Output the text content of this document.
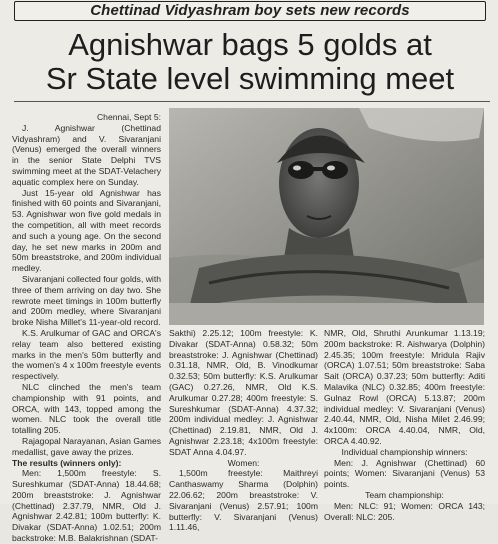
Chettinad Vidyashram boy sets new records
Agnishwar bags 5 golds at
Sr State level swimming meet

Chennai, Sept 5:

J. Agnishwar (Chettinad Vidyashram) and V. Sivaranjani (Venus) emerged the overall winners in the senior State Delphi TVS swimming meet at the SDAT-Velachery aquatic complex here on Sunday.

Just 15-year old Agnishwar has finished with 60 points and Sivaranjani, 53. Agnishwar won five gold medals in the competition, all with meet records and such a young age. On the second day, he set new marks in 200m and 50m breaststroke, and 200m individual medley.

Sivaranjani collected four golds, with three of them arriving on day two. She rewrote meet timings in 100m butterfly and 200m medley, where Sivaranjani broke Nisha Millet's 11-year-old record.

K.S. Arulkumar of GAC and ORCA's relay team also bettered existing marks in the men's 50m butterfly and the women's 4 x 100m freestyle events respectively.

NLC clinched the men's team championship with 91 points, and ORCA, with 143, topped among the women. NLC took the overall title totalling 205.

Rajagopal Narayanan, Asian Games medallist, gave away the prizes.

The results (winners only):

Men: 1,500m freestyle: S. Sureshkumar (SDAT-Anna) 18.44.68; 200m breaststroke: J. Agnishwar (Chettinad) 2.37.79, NMR, Old J. Agnishwar 2.42.81; 100m butterfly: K. Divakar (SDAT-Anna) 1.02.51; 200m backstroke: M.B. Balakrishnan (SDAT-

Sakthi) 2.25.12; 100m freestyle: K. Divakar (SDAT-Anna) 0.58.32; 50m breaststroke: J. Agnishwar (Chettinad) 0.31.18, NMR, Old, B. Vinodkumar 0.32.53; 50m butterfly: K.S. Arulkumar (GAC) 0.27.26, NMR, Old K.S. Arulkumar 0.27.28; 400m freestyle: S. Sureshkumar (SDAT-Anna) 4.37.32; 200m individual medley: J. Agnishwar (Chettinad) 2.19.81, NMR, Old J. Agnishwar 2.23.18; 4x100m freestyle: SDAT Anna 4.04.97.

Women:

1,500m freestyle: Maithreyi Canthaswamy Sharma (Dolphin) 22.06.62; 200m breaststroke: V. Sivaranjani (Venus) 2.57.91; 100m butterfly: V. Sivaranjani (Venus) 1.11.46,

NMR, Old, Shruthi Arunkumar 1.13.19; 200m backstroke: R. Aishwarya (Dolphin) 2.45.35; 100m freestyle: Mridula Rajiv (ORCA) 1.07.51; 50m breaststroke: Saba Sait (ORCA) 0.37.23; 50m butterfly: Aditi Malavika (NLC) 0.32.85; 400m freestyle: Gulnaz Rowl (ORCA) 5.13.87; 200m individual medley: V. Sivaranjani (Venus) 2.40.44, NMR, Old, Nisha Milet 2.46.99; 4x100m: ORCA 4.40.04, NMR, Old, ORCA 4.40.92.

Individual championship winners:

Men: J. Agnishwar (Chettinad) 60 points; Women: Sivaranjani (Venus) 53 points.

Team championship:

Men: NLC: 91; Women: ORCA 143; Overall: NLC: 205.
